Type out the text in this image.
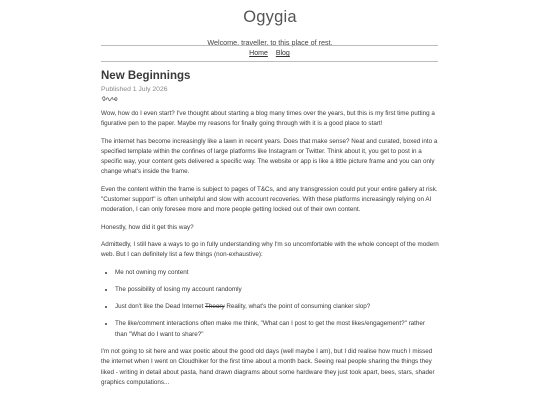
Ogygia
Welcome, traveller, to this place of rest.
Home Blog
New Beginnings
Published 1 July 2026

Wow, how do I even start? I've thought about starting a blog many times over the years, but this is my first time putting a figurative pen to the paper. Maybe my reasons for finally going through with it is a good place to start!

The internet has become increasingly like a lawn in recent years. Does that make sense? Neat and curated, boxed into a specified template within the confines of large platforms like Instagram or Twitter. Think about it, you get to post in a specific way, your content gets delivered a specific way. The website or app is like a little picture frame and you can only change what's inside the frame.

Even the content within the frame is subject to pages of T&Cs, and any transgression could put your entire gallery at risk. "Customer support" is often unhelpful and slow with account recoveries. With these platforms increasingly relying on AI moderation, I can only foresee more and more people getting locked out of their own content.

Honestly, how did it get this way?

Admittedly, I still have a ways to go in fully understanding why I'm so uncomfortable with the whole concept of the modern web. But I can definitely list a few things (non-exhaustive):

• Me not owning my content
• The possibility of losing my account randomly
• Just don't like the Dead Internet Theory Reality, what's the point of consuming clanker slop?
• The like/comment interactions often make me think, "What can I post to get the most likes/engagement?" rather than "What do I want to share?"

I'm not going to sit here and wax poetic about the good old days (well maybe I am), but I did realise how much I missed the internet when I went on Cloudhiker for the first time about a month back. Seeing real people sharing the things they liked - writing in detail about pasta, hand drawn diagrams about some hardware they just took apart, bees, stars, shader graphics computations...
